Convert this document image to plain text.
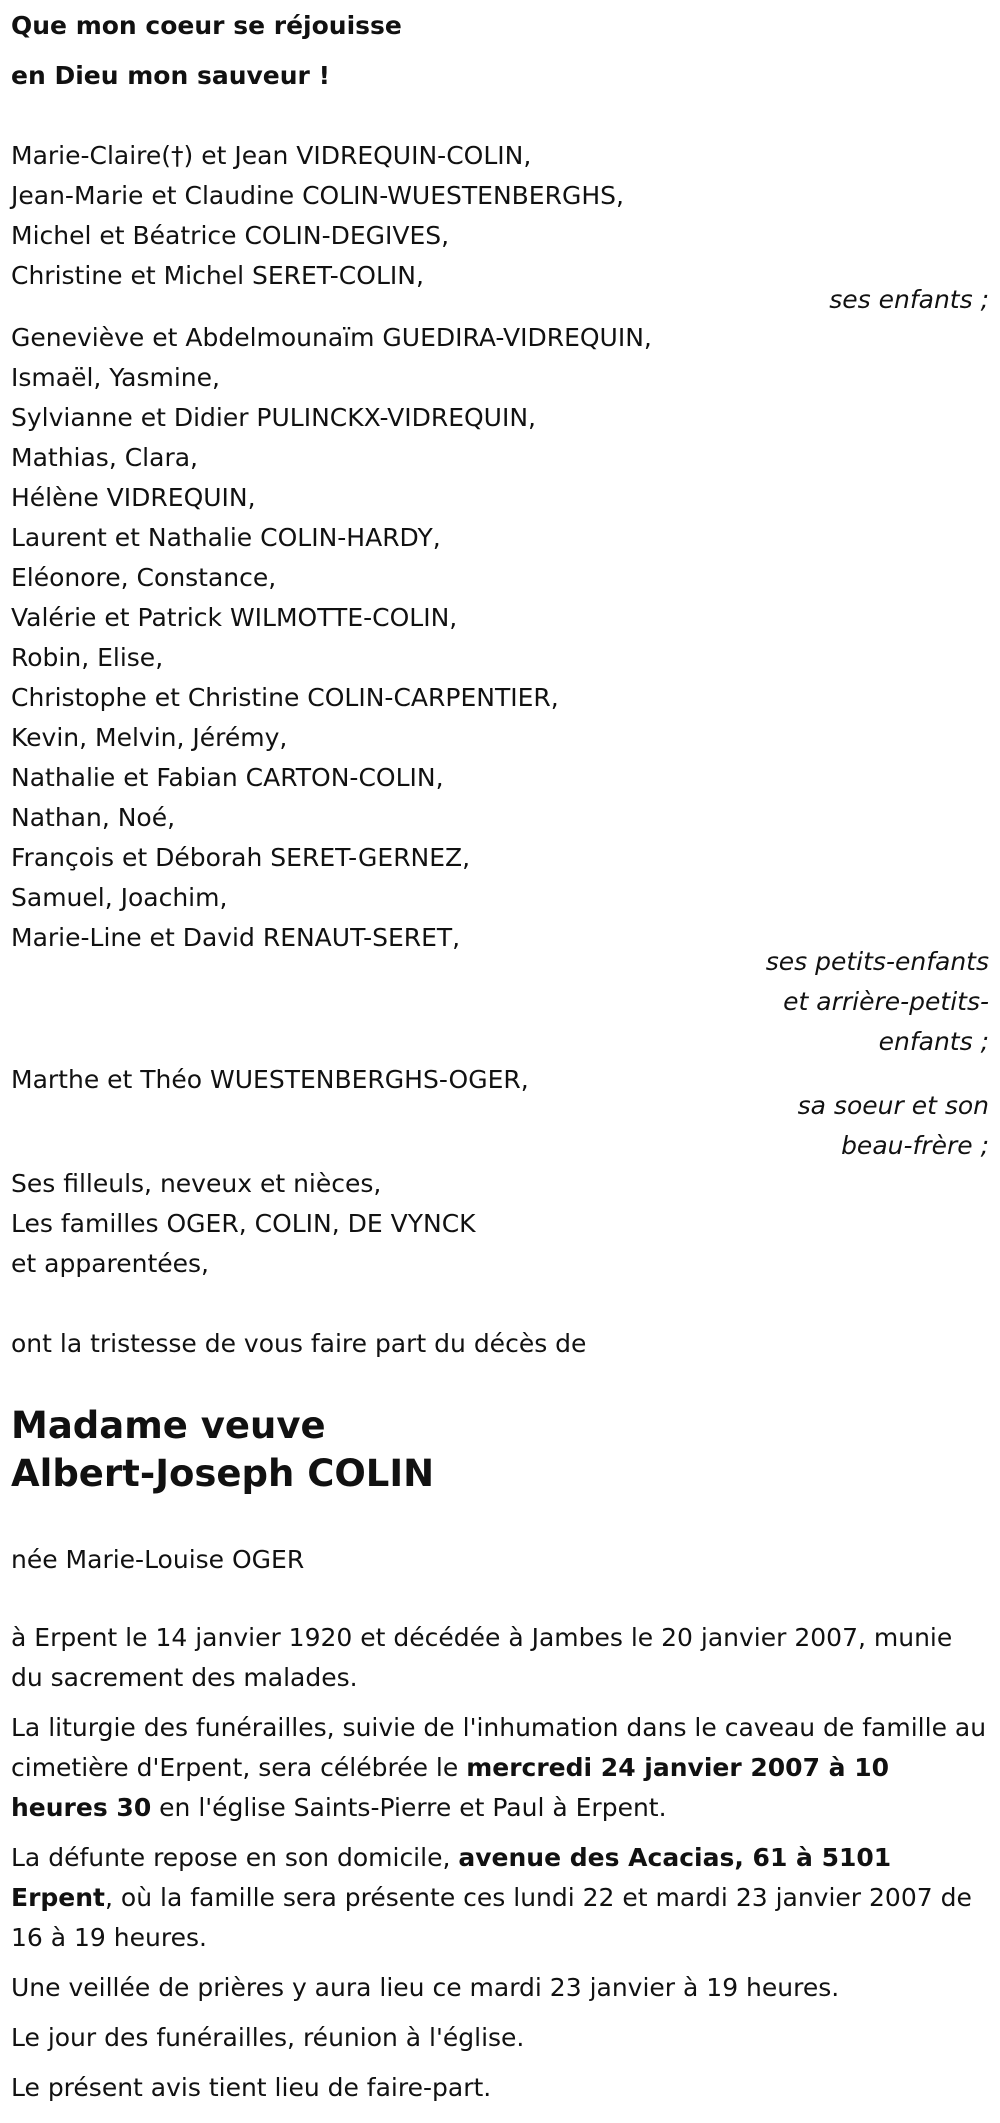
Que mon coeur se réjouisse
en Dieu mon sauveur !
Marie-Claire(†) et Jean VIDREQUIN-COLIN,
Jean-Marie et Claudine COLIN-WUESTENBERGHS,
Michel et Béatrice COLIN-DEGIVES,
Christine et Michel SERET-COLIN,
ses enfants ;
Geneviève et Abdelmounaïm GUEDIRA-VIDREQUIN,
Ismaël, Yasmine,
Sylvianne et Didier PULINCKX-VIDREQUIN,
Mathias, Clara,
Hélène VIDREQUIN,
Laurent et Nathalie COLIN-HARDY,
Eléonore, Constance,
Valérie et Patrick WILMOTTE-COLIN,
Robin, Elise,
Christophe et Christine COLIN-CARPENTIER,
Kevin, Melvin, Jérémy,
Nathalie et Fabian CARTON-COLIN,
Nathan, Noé,
François et Déborah SERET-GERNEZ,
Samuel, Joachim,
Marie-Line et David RENAUT-SERET,
ses petits-enfants
et arrière-petits-
enfants ;
Marthe et Théo WUESTENBERGHS-OGER,
sa soeur et son
beau-frère ;
Ses filleuls, neveux et nièces,
Les familles OGER, COLIN, DE VYNCK
et apparentées,
ont la tristesse de vous faire part du décès de
Madame veuve
Albert-Joseph COLIN
née Marie-Louise OGER
à Erpent le 14 janvier 1920 et décédée à Jambes le 20 janvier 2007, munie du sacrement des malades.
La liturgie des funérailles, suivie de l'inhumation dans le caveau de famille au cimetière d'Erpent, sera célébrée le mercredi 24 janvier 2007 à 10 heures 30 en l'église Saints-Pierre et Paul à Erpent.
La défunte repose en son domicile, avenue des Acacias, 61 à 5101 Erpent, où la famille sera présente ces lundi 22 et mardi 23 janvier 2007 de 16 à 19 heures.
Une veillée de prières y aura lieu ce mardi 23 janvier à 19 heures.
Le jour des funérailles, réunion à l'église.
Le présent avis tient lieu de faire-part.
